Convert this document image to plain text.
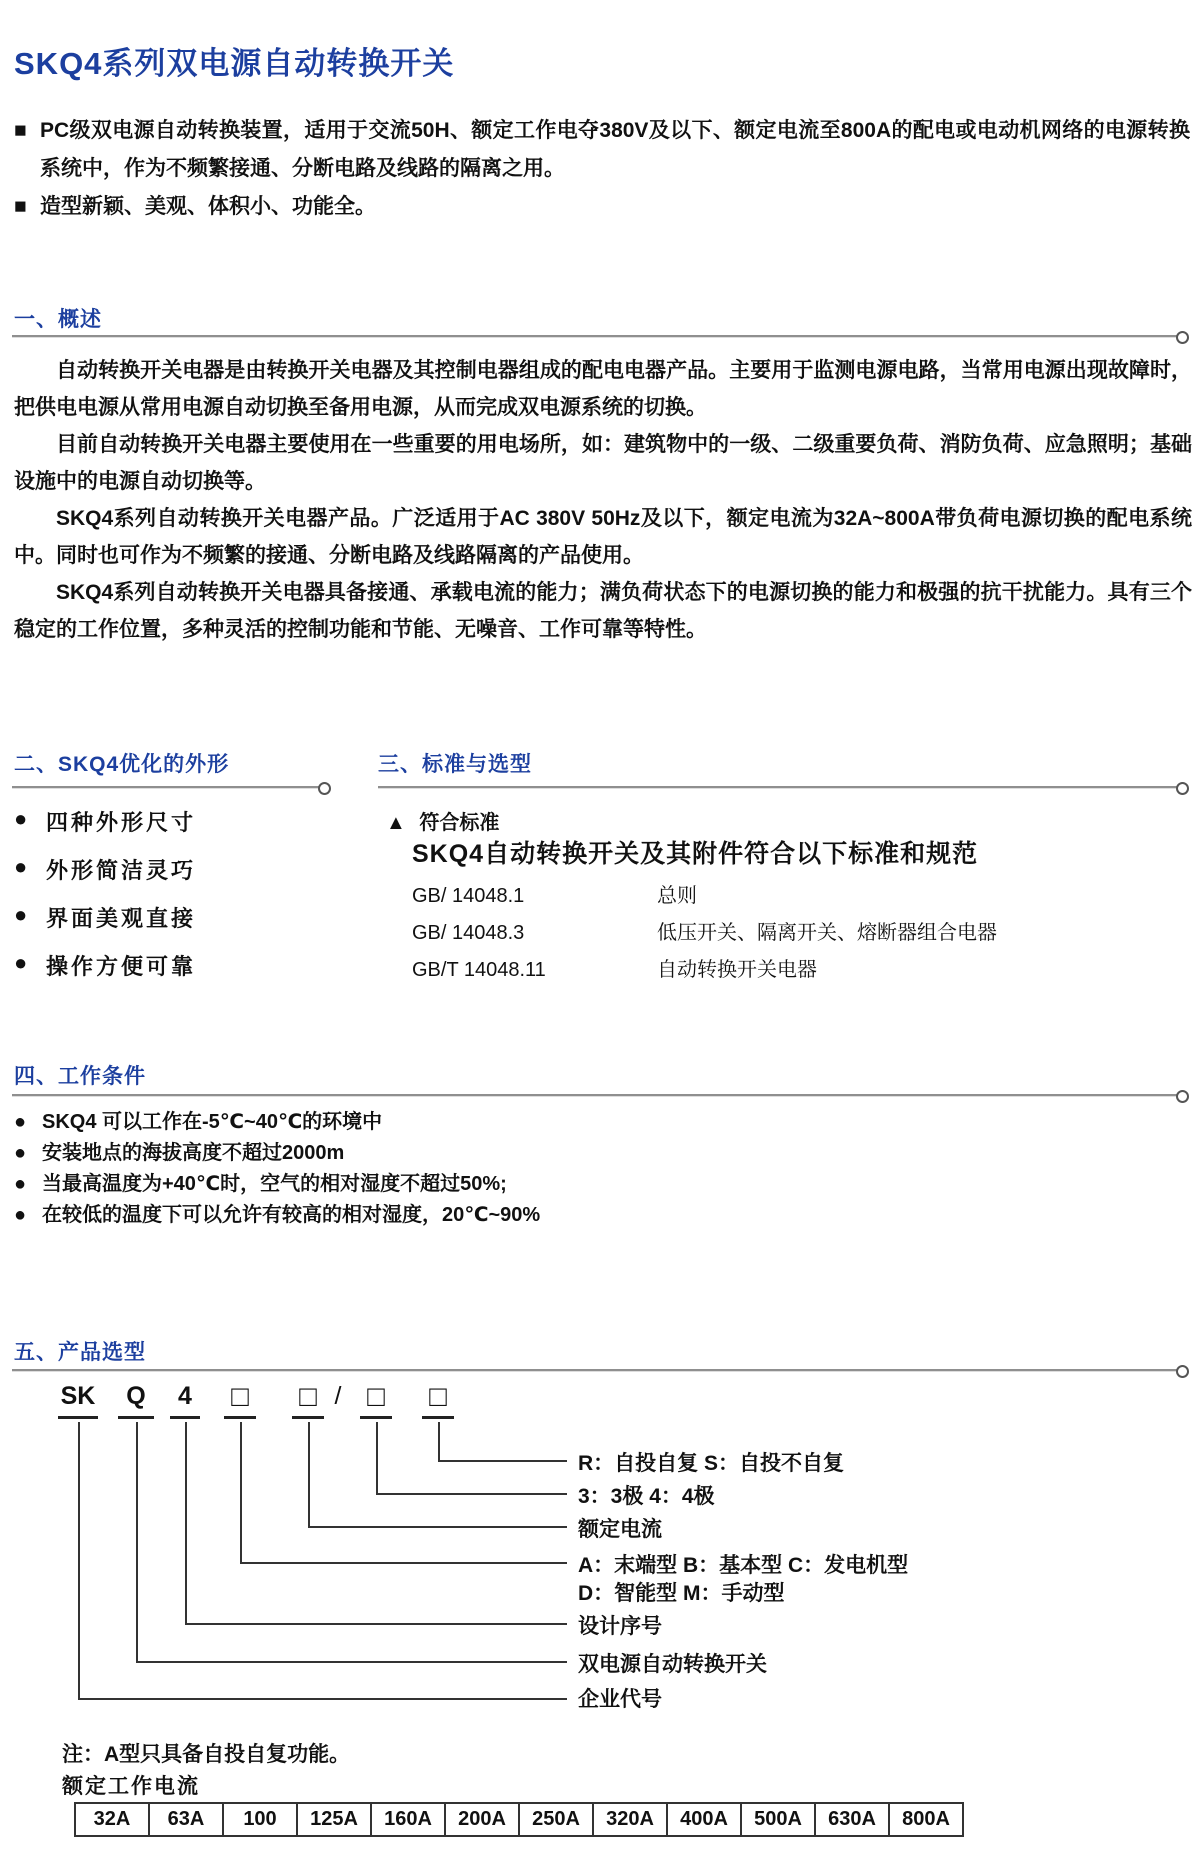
SKQ4系列双电源自动转换开关
■ PC级双电源自动转换装置，适用于交流50H、额定工作电夺380V及以下、额定电流至800A的配电或电动机网络的电源转换系统中，作为不频繁接通、分断电路及线路的隔离之用。
■ 造型新颖、美观、体积小、功能全。
一、概述

自动转换开关电器是由转换开关电器及其控制电器组成的配电电器产品。主要用于监测电源电路，当常用电源出现故障时，把供电电源从常用电源自动切换至备用电源，从而完成双电源系统的切换。

目前自动转换开关电器主要使用在一些重要的用电场所，如：建筑物中的一级、二级重要负荷、消防负荷、应急照明；基础设施中的电源自动切换等。

SKQ4系列自动转换开关电器产品。广泛适用于AC 380V 50Hz及以下，额定电流为32A~800A带负荷电源切换的配电系统中。同时也可作为不频繁的接通、分断电路及线路隔离的产品使用。

SKQ4系列自动转换开关电器具备接通、承载电流的能力；满负荷状态下的电源切换的能力和极强的抗干扰能力。具有三个稳定的工作位置，多种灵活的控制功能和节能、无噪音、工作可靠等特性。

二、SKQ4优化的外形
● 四种外形尺寸
● 外形简洁灵巧
● 界面美观直接
● 操作方便可靠
三、标准与选型
▲ 符合标准
SKQ4自动转换开关及其附件符合以下标准和规范
GB/ 14048.1	总则
GB/ 14048.3	低压开关、隔离开关、熔断器组合电器
GB/T 14048.11	自动转换开关电器
四、工作条件
● SKQ4 可以工作在-5℃~40℃的环境中
● 安装地点的海拔高度不超过2000m
● 当最高温度为+40℃时，空气的相对湿度不超过50%;
● 在较低的温度下可以允许有较高的相对湿度，20℃~90%
五、产品选型
SK	Q	4 □ □ / □ □
R：自投自复 S：自投不自复
3：3极 4：4极
额定电流
A：末端型 B：基本型 C：发电机型
D：智能型 M：手动型
设计序号
双电源自动转换开关
企业代号
注：A型只具备自投自复功能。
额定工作电流
32A	63A	100	125A	160A	200A	250A	320A	400A	500A	630A	800A
